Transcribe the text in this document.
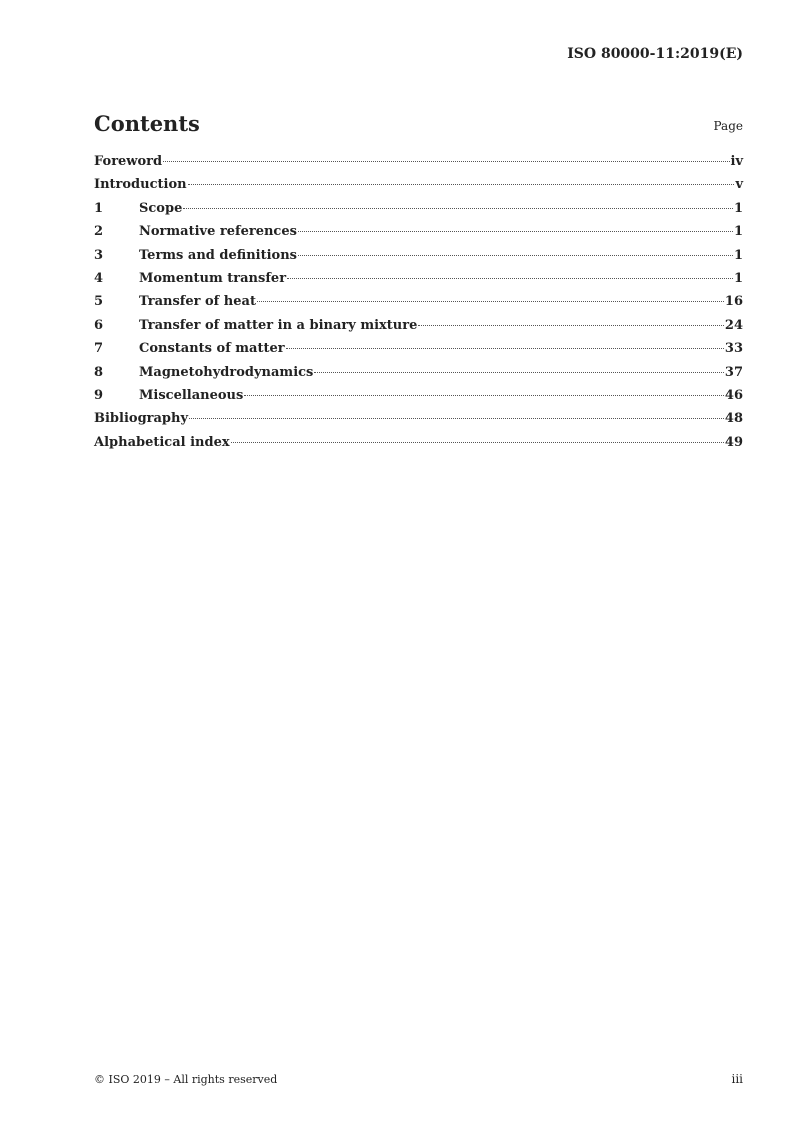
ISO 80000-11:2019(E)
Contents	Page
Foreword	iv
Introduction	v
1	Scope	1
2	Normative references	1
3	Terms and definitions	1
4	Momentum transfer	1
5	Transfer of heat	16
6	Transfer of matter in a binary mixture	24
7	Constants of matter	33
8	Magnetohydrodynamics	37
9	Miscellaneous	46
Bibliography	48
Alphabetical index	49
© ISO 2019 – All rights reserved	iii
